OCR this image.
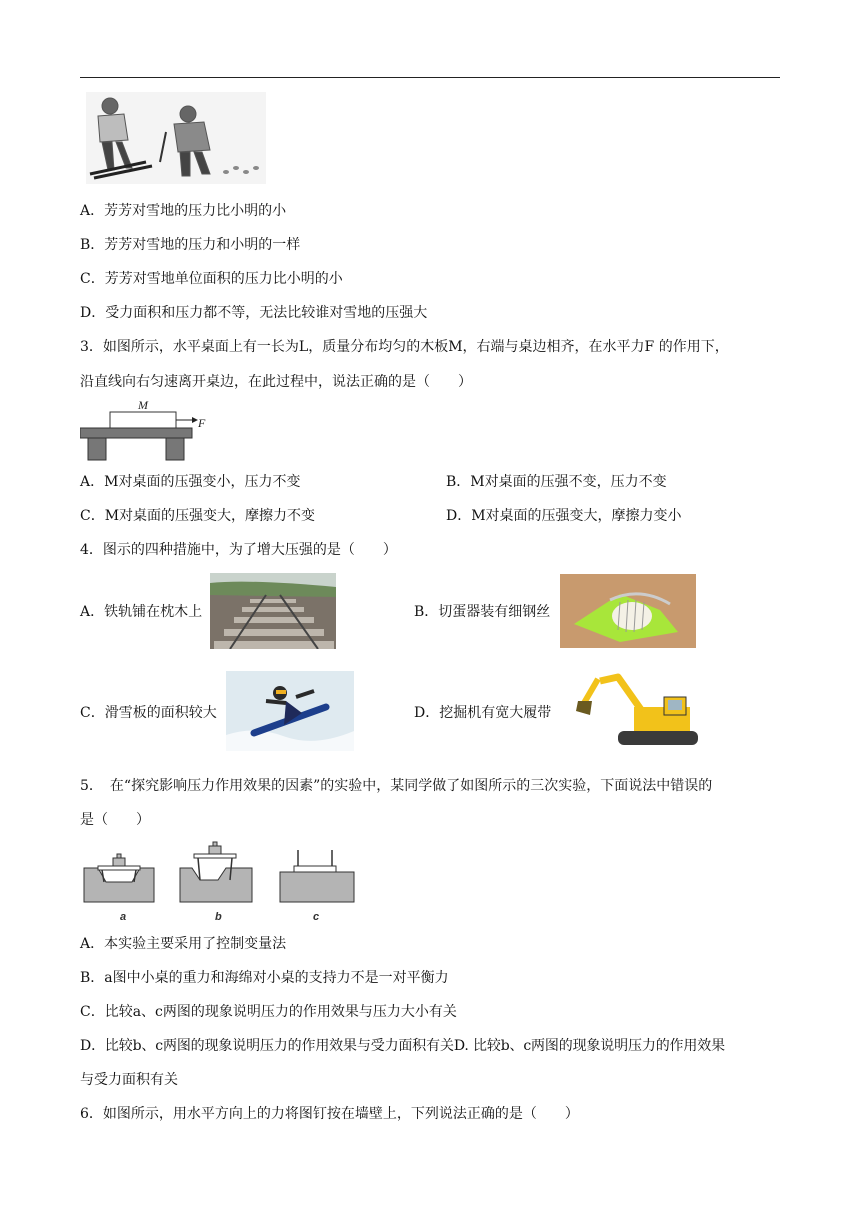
A．芳芳对雪地的压力比小明的小
B．芳芳对雪地的压力和小明的一样
C．芳芳对雪地单位面积的压力比小明的小
D．受力面积和压力都不等，无法比较谁对雪地的压强大
3．如图所示，水平桌面上有一长为L，质量分布均匀的木板M，右端与桌边相齐，在水平力F 的作用下，
沿直线向右匀速离开桌边，在此过程中，说法正确的是（　　）
M
F
A．M对桌面的压强变小，压力不变	B．M对桌面的压强不变，压力不变
C．M对桌面的压强变大，摩擦力不变	D．M对桌面的压强变大，摩擦力变小
4．图示的四种措施中，为了增大压强的是（　　）
A．铁轨铺在枕木上	B．切蛋器装有细钢丝
C．滑雪板的面积较大	D．挖掘机有宽大履带
5．　在“探究影响压力作用效果的因素”的实验中，某同学做了如图所示的三次实验，下面说法中错误的
是（　　）
a	b	c
A．本实验主要采用了控制变量法
B．a图中小桌的重力和海绵对小桌的支持力不是一对平衡力
C．比较a、c两图的现象说明压力的作用效果与压力大小有关
D．比较b、c两图的现象说明压力的作用效果与受力面积有关D. 比较b、c两图的现象说明压力的作用效果
与受力面积有关
6．如图所示，用水平方向上的力将图钉按在墙壁上，下列说法正确的是（　　）
